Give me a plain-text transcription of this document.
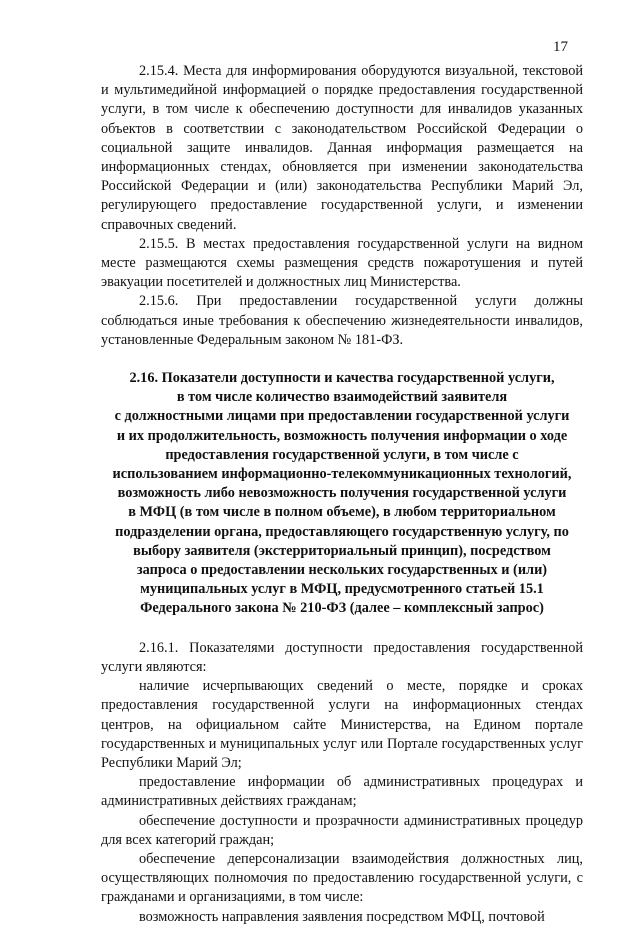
17

2.15.4. Места для информирования оборудуются визуальной, текстовой и мультимедийной информацией о порядке предоставления государственной услуги, в том числе к обеспечению доступности для инвалидов указанных объектов в соответствии с законодательством Российской Федерации о социальной защите инвалидов. Данная информация размещается на информационных стендах, обновляется при изменении законодательства Российской Федерации и (или) законодательства Республики Марий Эл, регулирующего предоставление государственной услуги, и изменении справочных сведений.

2.15.5. В местах предоставления государственной услуги на видном месте размещаются схемы размещения средств пожаротушения и путей эвакуации посетителей и должностных лиц Министерства.

2.15.6. При предоставлении государственной услуги должны соблюдаться иные требования к обеспечению жизнедеятельности инвалидов, установленные Федеральным законом № 181-ФЗ.

2.16. Показатели доступности и качества государственной услуги,
в том числе количество взаимодействий заявителя
с должностными лицами при предоставлении государственной услуги
и их продолжительность, возможность получения информации о ходе
предоставления государственной услуги, в том числе с
использованием информационно-телекоммуникационных технологий,
возможность либо невозможность получения государственной услуги
в МФЦ (в том числе в полном объеме), в любом территориальном
подразделении органа, предоставляющего государственную услугу, по
выбору заявителя (экстерриториальный принцип), посредством
запроса о предоставлении нескольких государственных и (или)
муниципальных услуг в МФЦ, предусмотренного статьей 15.1
Федерального закона № 210-ФЗ (далее – комплексный запрос)

2.16.1. Показателями доступности предоставления государственной услуги являются:

наличие исчерпывающих сведений о месте, порядке и сроках предоставления государственной услуги на информационных стендах центров, на официальном сайте Министерства, на Едином портале государственных и муниципальных услуг или Портале государственных услуг Республики Марий Эл;

предоставление информации об административных процедурах и административных действиях гражданам;

обеспечение доступности и прозрачности административных процедур для всех категорий граждан;

обеспечение деперсонализации взаимодействия должностных лиц, осуществляющих полномочия по предоставлению государственной услуги, с гражданами и организациями, в том числе:

возможность направления заявления посредством МФЦ, почтовой
